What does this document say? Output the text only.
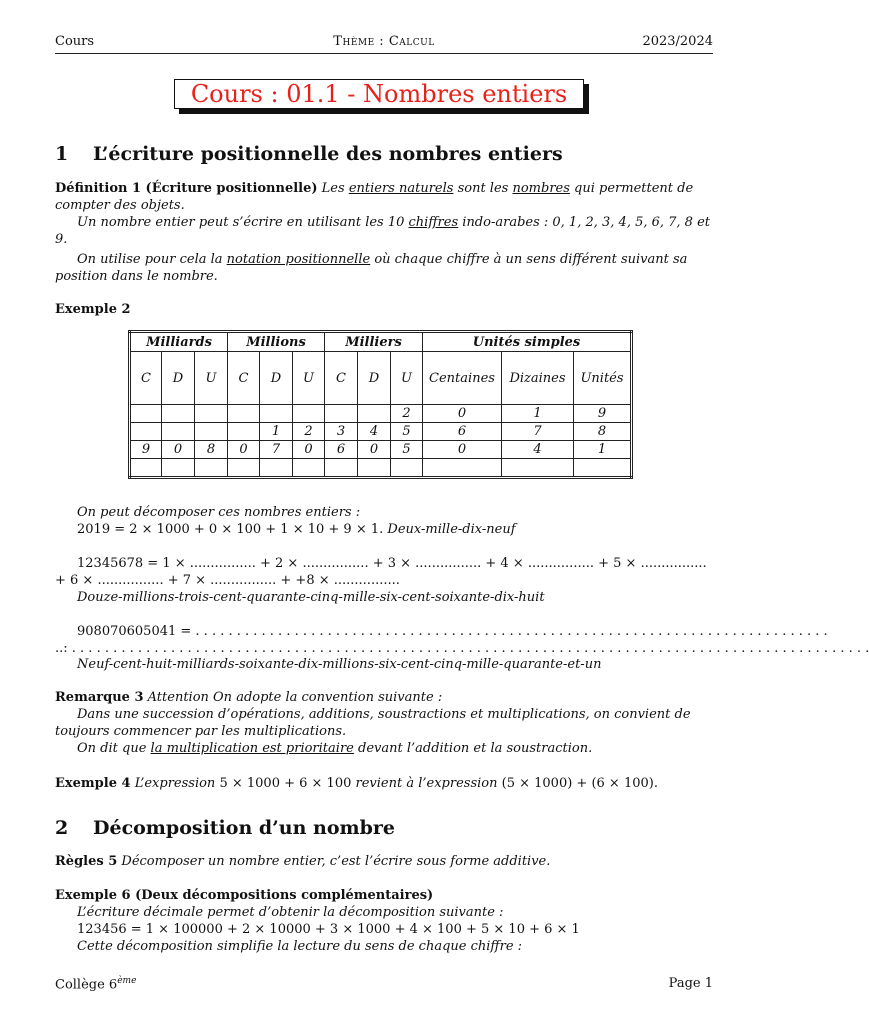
Cours	Thème : Calcul	2023/2024
Cours : 01.1 - Nombres entiers
1 L’écriture positionnelle des nombres entiers
Définition 1 (Écriture positionnelle) Les entiers naturels sont les nombres qui permettent de compter des objets.
Un nombre entier peut s’écrire en utilisant les 10 chiffres indo-arabes : 0, 1, 2, 3, 4, 5, 6, 7, 8 et 9.
On utilise pour cela la notation positionnelle où chaque chiffre à un sens différent suivant sa position dans le nombre.
Exemple 2
Milliards			Millions			Milliers			Unités simples		
C	D	U	C	D	U	C	D	U	Centaines	Dizaines	Unités
								2	0	1	9
				1	2	3	4	5	6	7	8
9	0	8	0	7	0	6	0	5	0	4	1

On peut décomposer ces nombres entiers :
2019 = 2 × 1000 + 0 × 100 + 1 × 10 + 9 × 1. Deux-mille-dix-neuf
12345678 = 1 × ................ + 2 × ................ + 3 × ................ + 4 × ................ + 5 × ................ + 6 × ................ + 7 × ................ + +8 × ................
Douze-millions-trois-cent-quarante-cinq-mille-six-cent-soixante-dix-huit
908070605041 = . . . . . . . . . . . . . . . . . . . . . . . . . . . . . . . . . . . . . . . . . . . . . . . . . . . . . . . . . . . . . . . . . . . . . . . . . . . . .
..: . . . . . . . . . . . . . . . . . . . . . . . . . . . . . . . . . . . . . . . . . . . . . . . . . . . . . . . . . . . . . . . . . . . . . . . . . . . . . . . . . . . . . . . . . . . . . . . . .
Neuf-cent-huit-milliards-soixante-dix-millions-six-cent-cinq-mille-quarante-et-un
Remarque 3 Attention On adopte la convention suivante :
Dans une succession d’opérations, additions, soustractions et multiplications, on convient de toujours commencer par les multiplications.
On dit que la multiplication est prioritaire devant l’addition et la soustraction.
Exemple 4 L’expression 5 × 1000 + 6 × 100 revient à l’expression (5 × 1000) + (6 × 100).
2 Décomposition d’un nombre
Règles 5 Décomposer un nombre entier, c’est l’écrire sous forme additive.
Exemple 6 (Deux décompositions complémentaires)
L’écriture décimale permet d’obtenir la décomposition suivante :
123456 = 1 × 100000 + 2 × 10000 + 3 × 1000 + 4 × 100 + 5 × 10 + 6 × 1
Cette décomposition simplifie la lecture du sens de chaque chiffre :
Collège 6ème	Page 1
